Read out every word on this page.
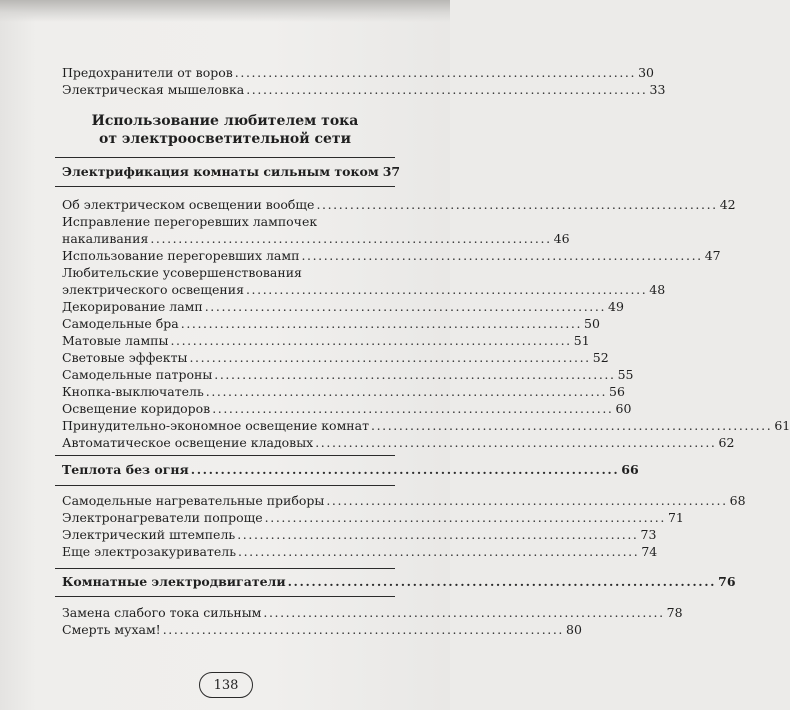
Предохранители от воров ........................................................................ 30
Электрическая мышеловка ........................................................................ 33
Использование любителем тока
от электроосветительной сети
Электрификация комнаты сильным током 37
Об электрическом освещении вообще ........................................................................ 42
Исправление перегоревших лампочек
накаливания ........................................................................ 46
Использование перегоревших ламп ........................................................................ 47
Любительские усовершенствования
электрического освещения ........................................................................ 48
Декорирование ламп ........................................................................ 49
Самодельные бра ........................................................................ 50
Матовые лампы ........................................................................ 51
Световые эффекты ........................................................................ 52
Самодельные патроны ........................................................................ 55
Кнопка-выключатель ........................................................................ 56
Освещение коридоров ........................................................................ 60
Принудительно-экономное освещение комнат ........................................................................ 61
Автоматическое освещение кладовых ........................................................................ 62
Теплота без огня ........................................................................ 66
Самодельные нагревательные приборы ........................................................................ 68
Электронагреватели попроще ........................................................................ 71
Электрический штемпель ........................................................................ 73
Еще электрозакуриватель ........................................................................ 74
Комнатные электродвигатели ........................................................................ 76
Замена слабого тока сильным ........................................................................ 78
Смерть мухам! ........................................................................ 80
138
